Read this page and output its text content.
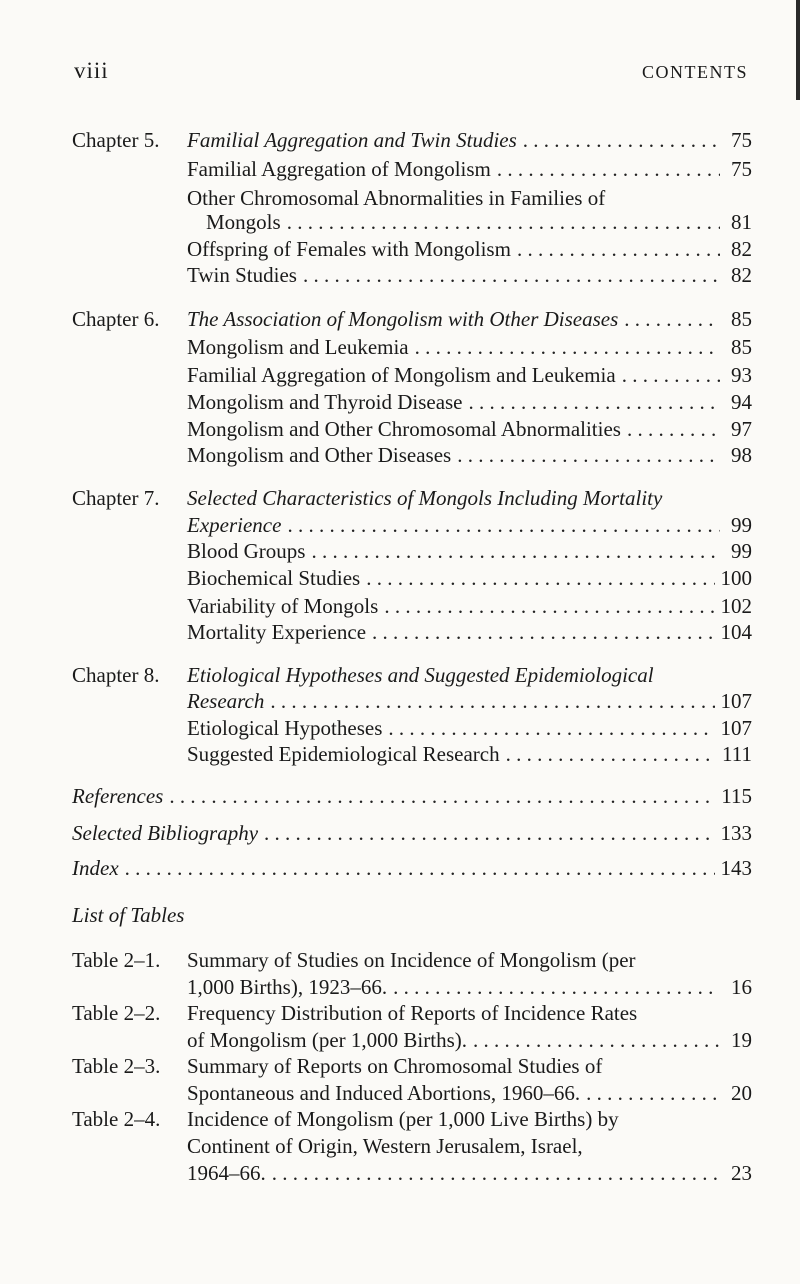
viii	CONTENTS
Chapter 5. Familial Aggregation and Twin Studies . . .	75
Familial Aggregation of Mongolism . . .	75
Other Chromosomal Abnormalities in Families of
Mongols . . .	81
Offspring of Females with Mongolism . . .	82
Twin Studies . . .	82
Chapter 6. The Association of Mongolism with Other Diseases . . .	85
Mongolism and Leukemia . . .	85
Familial Aggregation of Mongolism and Leukemia . . .	93
Mongolism and Thyroid Disease . . .	94
Mongolism and Other Chromosomal Abnormalities . . .	97
Mongolism and Other Diseases . . .	98
Chapter 7. Selected Characteristics of Mongols Including Mortality
Experience . . .	99
Blood Groups . . .	99
Biochemical Studies . . .	100
Variability of Mongols . . .	102
Mortality Experience . . .	104
Chapter 8. Etiological Hypotheses and Suggested Epidemiological
Research . . .	107
Etiological Hypotheses . . .	107
Suggested Epidemiological Research . . .	111
References . . .	115
Selected Bibliography . . .	133
Index . . .	143
Table 2–1. Summary of Studies on Incidence of Mongolism (per
1,000 Births), 1923–66. . . .	16
Table 2–2. Frequency Distribution of Reports of Incidence Rates
of Mongolism (per 1,000 Births). . . .	19
Table 2–3. Summary of Reports on Chromosomal Studies of
Spontaneous and Induced Abortions, 1960–66. . . .	20
Table 2–4. Incidence of Mongolism (per 1,000 Live Births) by
Continent of Origin, Western Jerusalem, Israel,
1964–66. . . .	23
List of Tables
